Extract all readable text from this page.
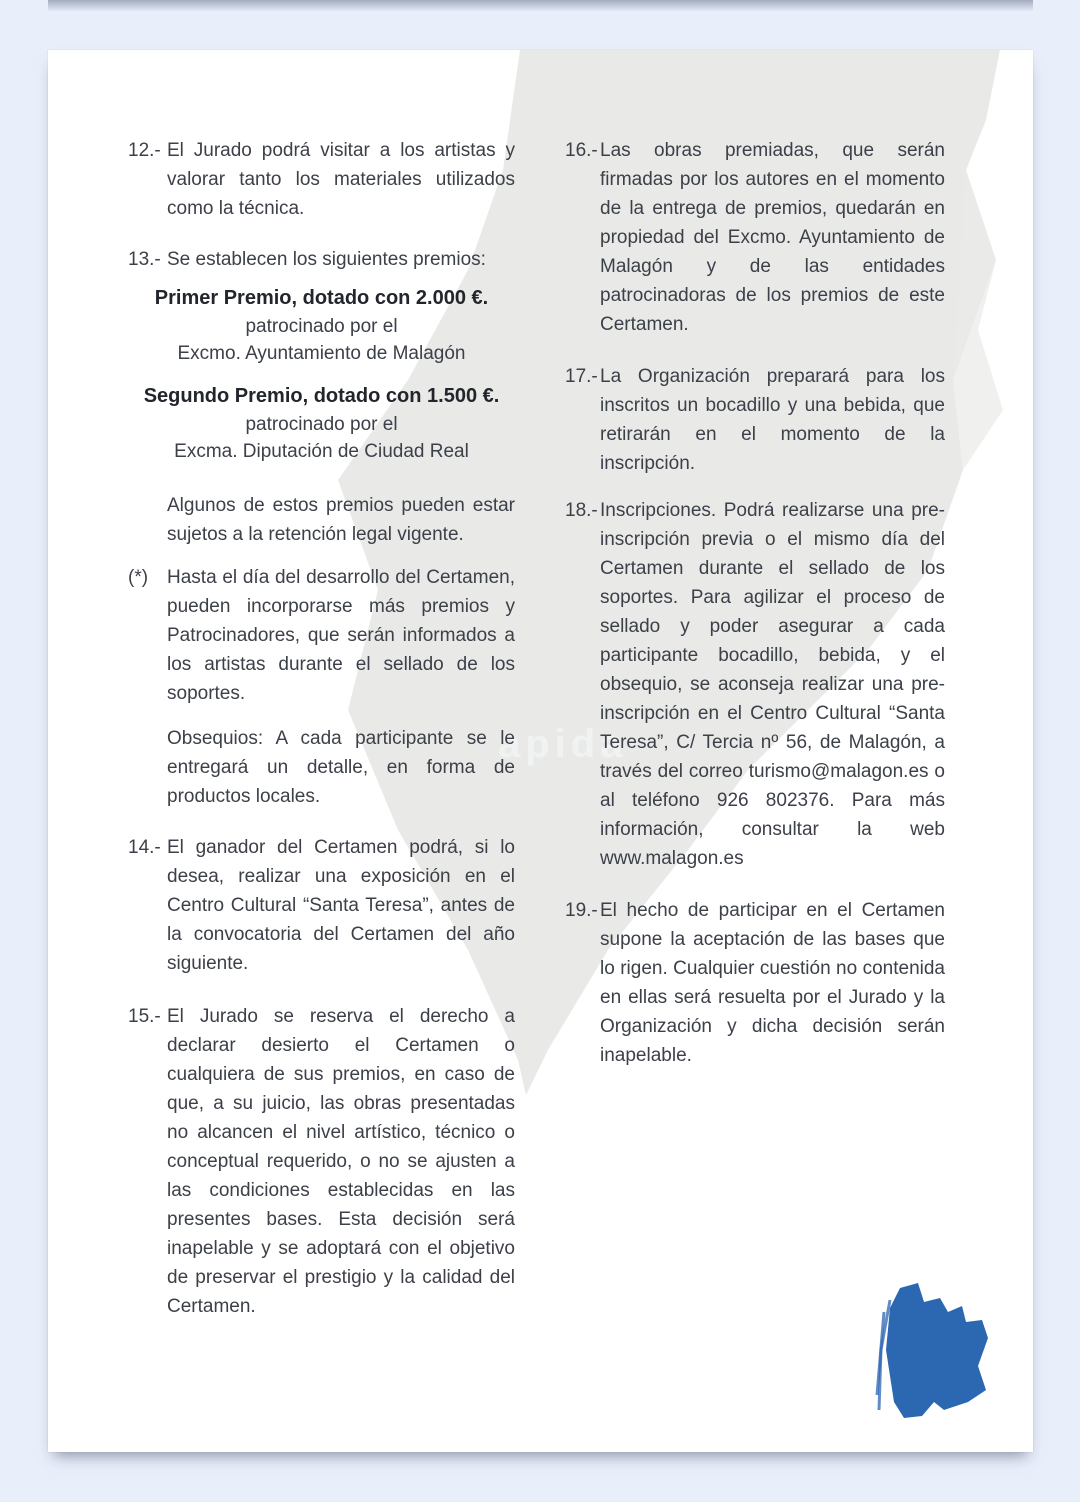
apida
12.- El Jurado podrá visitar a los artistas y valorar tanto los materiales utilizados como la técnica.
13.- Se establecen los siguientes premios:
Primer Premio, dotado con 2.000 €.
patrocinado por el
Excmo. Ayuntamiento de Malagón
Segundo Premio, dotado con 1.500 €.
patrocinado por el
Excma. Diputación de Ciudad Real
Algunos de estos premios pueden estar sujetos a la retención legal vigente.
(*) Hasta el día del desarrollo del Certamen, pueden incorporarse más premios y Patrocinadores, que serán informados a los artistas durante el sellado de los soportes.
Obsequios: A cada participante se le entregará un detalle, en forma de productos locales.
14.- El ganador del Certamen podrá, si lo desea, realizar una exposición en el Centro Cultural “Santa Teresa”, antes de la convocatoria del Certamen del año siguiente.
15.- El Jurado se reserva el derecho a declarar desierto el Certamen o cualquiera de sus premios, en caso de que, a su juicio, las obras presentadas no alcancen el nivel artístico, técnico o conceptual requerido, o no se ajusten a las condiciones establecidas en las presentes bases. Esta decisión será inapelable y se adoptará con el objetivo de preservar el prestigio y la calidad del Certamen.
16.- Las obras premiadas, que serán firmadas por los autores en el momento de la entrega de premios, quedarán en propiedad del Excmo. Ayuntamiento de Malagón y de las entidades patrocinadoras de los premios de este Certamen.
17.- La Organización preparará para los inscritos un bocadillo y una bebida, que retirarán en el momento de la inscripción.
18.- Inscripciones. Podrá realizarse una pre-inscripción previa o el mismo día del Certamen durante el sellado de los soportes. Para agilizar el proceso de sellado y poder asegurar a cada participante bocadillo, bebida, y el obsequio, se aconseja realizar una pre-inscripción en el Centro Cultural “Santa Teresa”, C/ Tercia nº 56, de Malagón, a través del correo turismo@malagon.es o al teléfono 926 802376. Para más información, consultar la web www.malagon.es
19.- El hecho de participar en el Certamen supone la aceptación de las bases que lo rigen. Cualquier cuestión no contenida en ellas será resuelta por el Jurado y la Organización y dicha decisión serán inapelable.
